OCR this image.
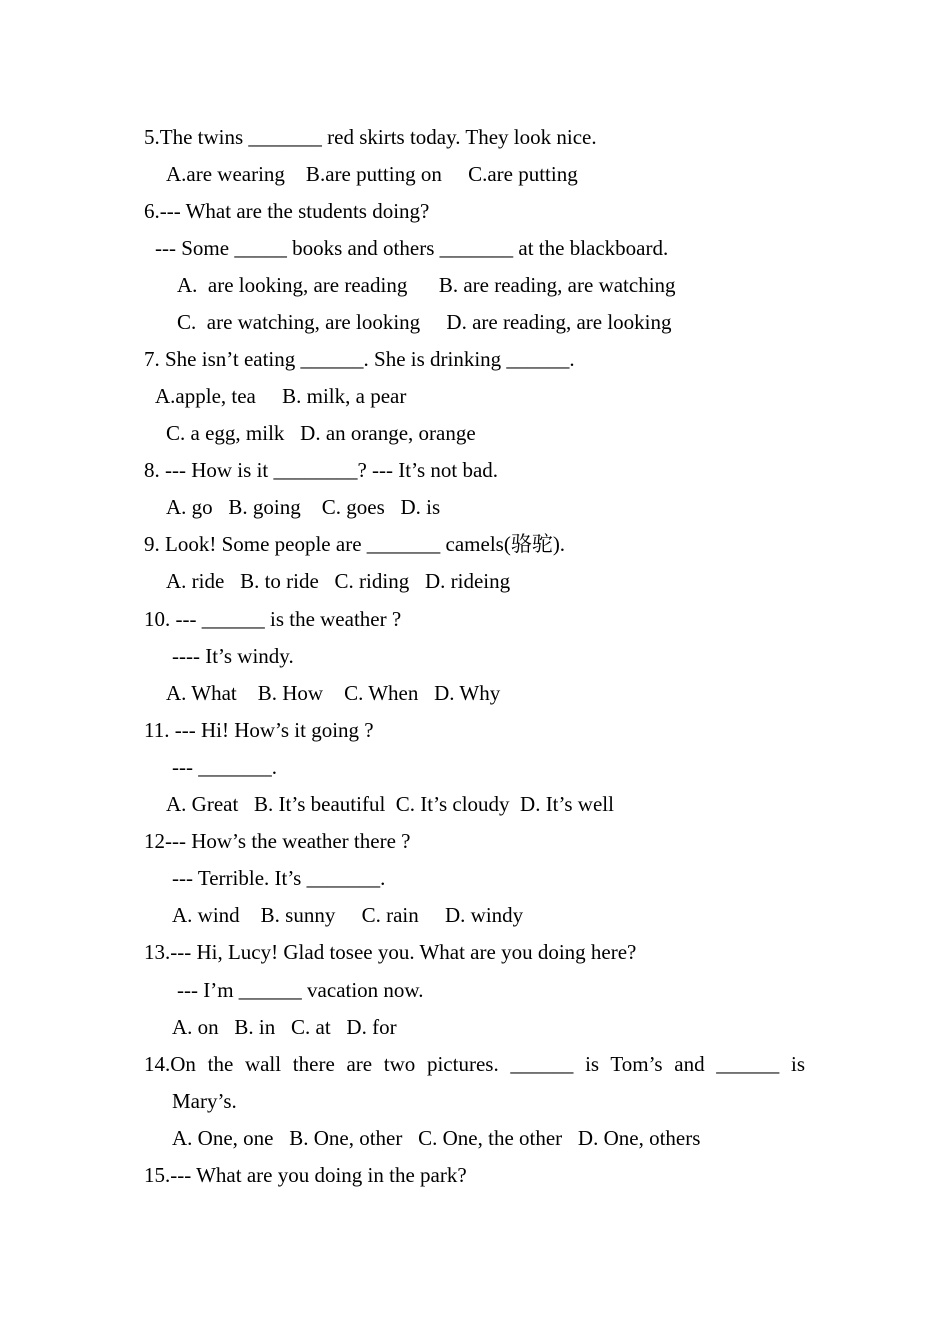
5.The twins _______ red skirts today. They look nice.
A.are wearing    B.are putting on     C.are putting
6.--- What are the students doing?
--- Some _____ books and others _______ at the blackboard.
A.  are looking, are reading      B. are reading, are watching
C.  are watching, are looking     D. are reading, are looking
7. She isn’t eating ______. She is drinking ______.
A.apple, tea     B. milk, a pear
C. a egg, milk   D. an orange, orange
8. --- How is it ________? --- It’s not bad.
A. go   B. going    C. goes   D. is
9. Look! Some people are _______ camels(骆驼).
A. ride   B. to ride   C. riding   D. rideing
10. --- ______ is the weather ?
---- It’s windy.
A. What    B. How    C. When   D. Why
11. --- Hi! How’s it going ?
--- _______.
A. Great   B. It’s beautiful  C. It’s cloudy  D. It’s well
12--- How’s the weather there ?
--- Terrible. It’s _______.
A. wind    B. sunny     C. rain     D. windy
13.--- Hi, Lucy! Glad tosee you. What are you doing here?
--- I’m ______ vacation now.
A. on   B. in   C. at   D. for
14.On the wall there are two pictures. ______ is Tom’s and ______ is
Mary’s.
A. One, one   B. One, other   C. One, the other   D. One, others
15.--- What are you doing in the park?
